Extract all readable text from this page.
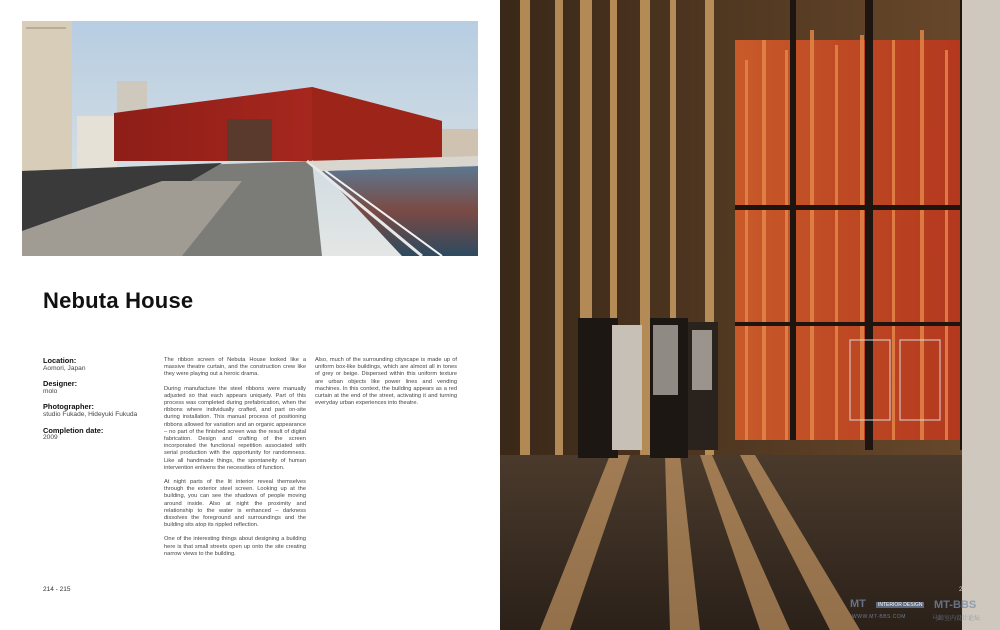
Nebuta House
Location:
Aomori, Japan
Designer:
molo
Photographer:
studio Fukade, Hideyuki Fukuda
Completion date:
2009

The ribbon screen of Nebuta House looked like a massive theatre curtain, and the construction crew like they were playing out a heroic drama.

During manufacture the steel ribbons were manually adjusted so that each appears uniquely. Part of this process was completed during prefabrication, when the ribbons where individually crafted, and part on-site during installation. This manual process of positioning ribbons allowed for variation and an organic appearance – no part of the finished screen was the result of digital fabrication. Design and crafting of the screen incorporated the functional repetition associated with serial production with the opportunity for randomness. Like all handmade things, the spontaneity of human intervention enlivens the necessities of function.

At night parts of the lit interior reveal themselves through the exterior steel screen. Looking up at the building, you can see the shadows of people moving around inside. Also at night the proximity and relationship to the water is enhanced – darkness dissolves the foreground and surroundings and the building sits atop its rippled reflection.

One of the interesting things about designing a building here is that small streets open up onto the site creating narrow views to the building.

Also, much of the surrounding cityscape is made up of uniform box-like buildings, which are almost all in tones of grey or beige. Dispersed within this uniform texture are urban objects like power lines and vending machines. In this context, the building appears as a red curtain at the end of the street, activating it and turning everyday urban experiences into theatre.

214 - 215	2
MT	INTERIOR DESIGN MT-BBS
WWW.MT-BBS.COM	马蹄室内设计论坛
